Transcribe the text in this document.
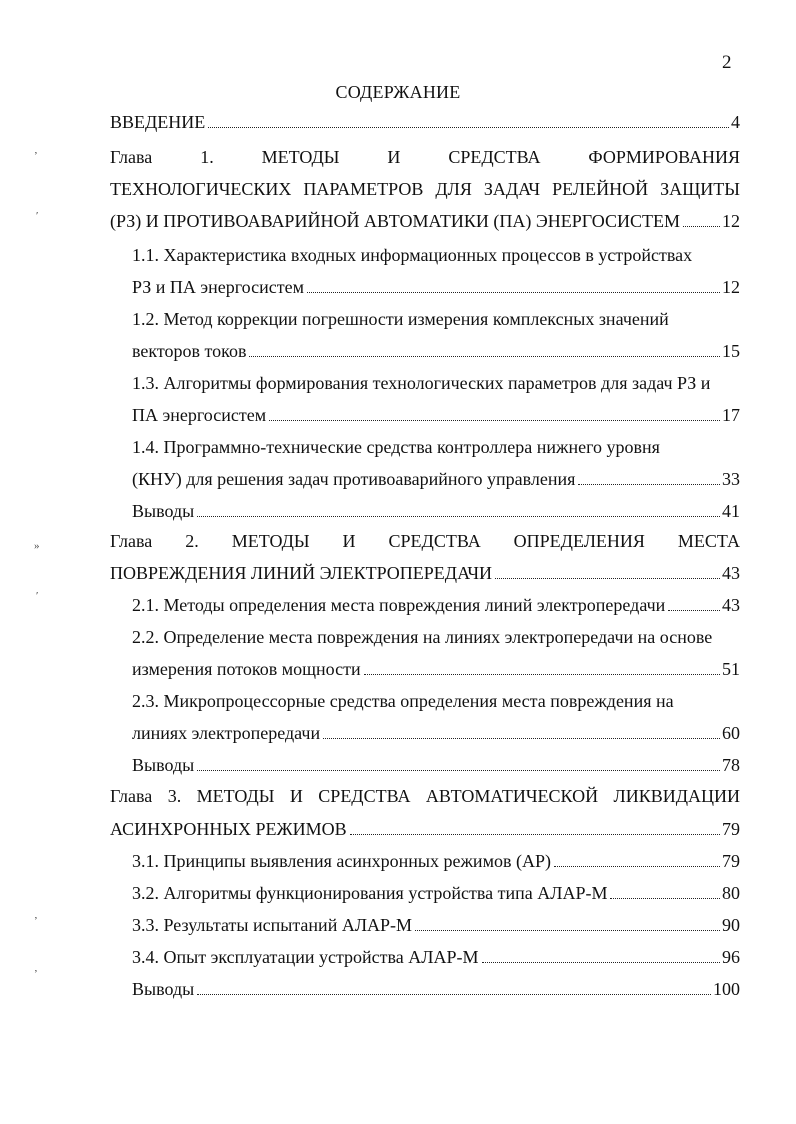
ʼ
ʹ
»
ʹ
ʼ
ʼ
2
СОДЕРЖАНИЕ
ВВЕДЕНИЕ	4
Глава 1. МЕТОДЫ И СРЕДСТВА ФОРМИРОВАНИЯ
ТЕХНОЛОГИЧЕСКИХ ПАРАМЕТРОВ ДЛЯ ЗАДАЧ РЕЛЕЙНОЙ ЗАЩИТЫ
(РЗ) И ПРОТИВОАВАРИЙНОЙ АВТОМАТИКИ (ПА) ЭНЕРГОСИСТЕМ 12
1.1. Характеристика входных информационных процессов в устройствах
РЗ и ПА энергосистем	12
1.2. Метод коррекции погрешности измерения комплексных значений
векторов токов	15
1.3. Алгоритмы формирования технологических параметров для задач РЗ и
ПА энергосистем	17
1.4. Программно-технические средства контроллера нижнего уровня
(КНУ) для решения задач противоаварийного управления	33
Выводы	41
Глава 2. МЕТОДЫ И СРЕДСТВА ОПРЕДЕЛЕНИЯ МЕСТА
ПОВРЕЖДЕНИЯ ЛИНИЙ ЭЛЕКТРОПЕРЕДАЧИ	43
2.1. Методы определения места повреждения линий электропередачи	43
2.2. Определение места повреждения на линиях электропередачи на основе
измерения потоков мощности	51
2.3. Микропроцессорные средства определения места повреждения на
линиях электропередачи	60
Выводы	78
Глава 3. МЕТОДЫ И СРЕДСТВА АВТОМАТИЧЕСКОЙ ЛИКВИДАЦИИ
АСИНХРОННЫХ РЕЖИМОВ	79
3.1. Принципы выявления асинхронных режимов (АР)	79
3.2. Алгоритмы функционирования устройства типа АЛАР-М	80
3.3. Результаты испытаний АЛАР-М	90
3.4. Опыт эксплуатации устройства АЛАР-М	96
Выводы	100
